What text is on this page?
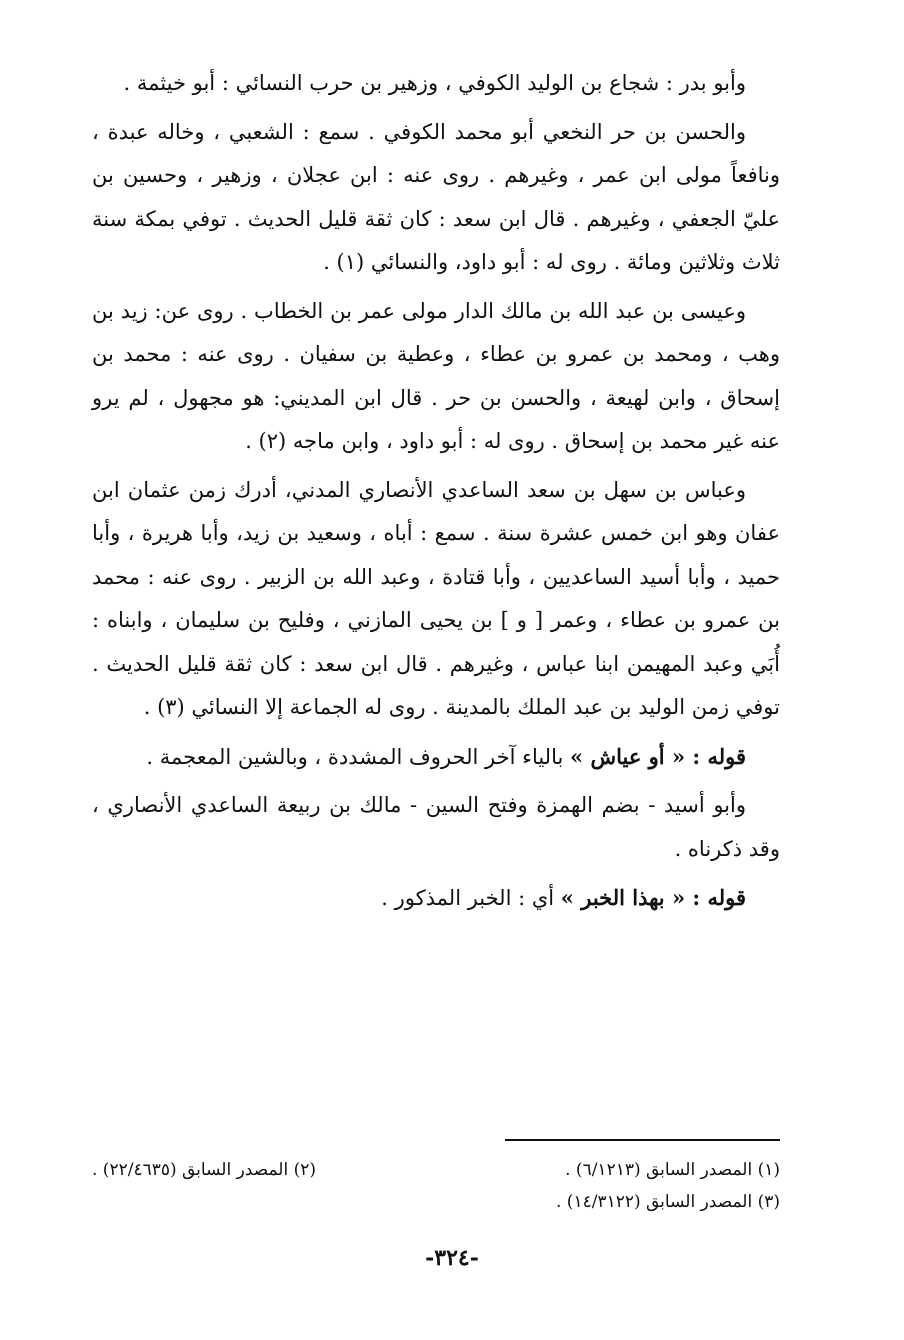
وأبو بدر : شجاع بن الوليد الكوفي ، وزهير بن حرب النسائي : أبو خيثمة .

والحسن بن حر النخعي أبو محمد الكوفي . سمع : الشعبي ، وخاله عبدة ، ونافعاً مولى ابن عمر ، وغيرهم . روى عنه : ابن عجلان ، وزهير ، وحسين بن عليّ الجعفي ، وغيرهم . قال ابن سعد : كان ثقة قليل الحديث . توفي بمكة سنة ثلاث وثلاثين ومائة . روى له : أبو داود، والنسائي (١) .

وعيسى بن عبد الله بن مالك الدار مولى عمر بن الخطاب . روى عن: زيد بن وهب ، ومحمد بن عمرو بن عطاء ، وعطية بن سفيان . روى عنه : محمد بن إسحاق ، وابن لهيعة ، والحسن بن حر . قال ابن المديني: هو مجهول ، لم يرو عنه غير محمد بن إسحاق . روى له : أبو داود ، وابن ماجه (٢) .

وعباس بن سهل بن سعد الساعدي الأنصاري المدني، أدرك زمن عثمان ابن عفان وهو ابن خمس عشرة سنة . سمع : أباه ، وسعيد بن زيد، وأبا هريرة ، وأبا حميد ، وأبا أسيد الساعديين ، وأبا قتادة ، وعبد الله بن الزبير . روى عنه : محمد بن عمرو بن عطاء ، وعمر [ و ] بن يحيى المازني ، وفليح بن سليمان ، وابناه : أُبَي وعبد المهيمن ابنا عباس ، وغيرهم . قال ابن سعد : كان ثقة قليل الحديث . توفي زمن الوليد بن عبد الملك بالمدينة . روى له الجماعة إلا النسائي (٣) .

قوله : « أو عياش » بالياء آخر الحروف المشددة ، وبالشين المعجمة .

وأبو أسيد - بضم الهمزة وفتح السين - مالك بن ربيعة الساعدي الأنصاري ، وقد ذكرناه .

قوله : « بهذا الخبر » أي : الخبر المذكور .

(١) المصدر السابق (٦/١٢١٣) .
(٢) المصدر السابق (٢٢/٤٦٣٥) .
(٣) المصدر السابق (١٤/٣١٢٢) .
-٣٢٤-
